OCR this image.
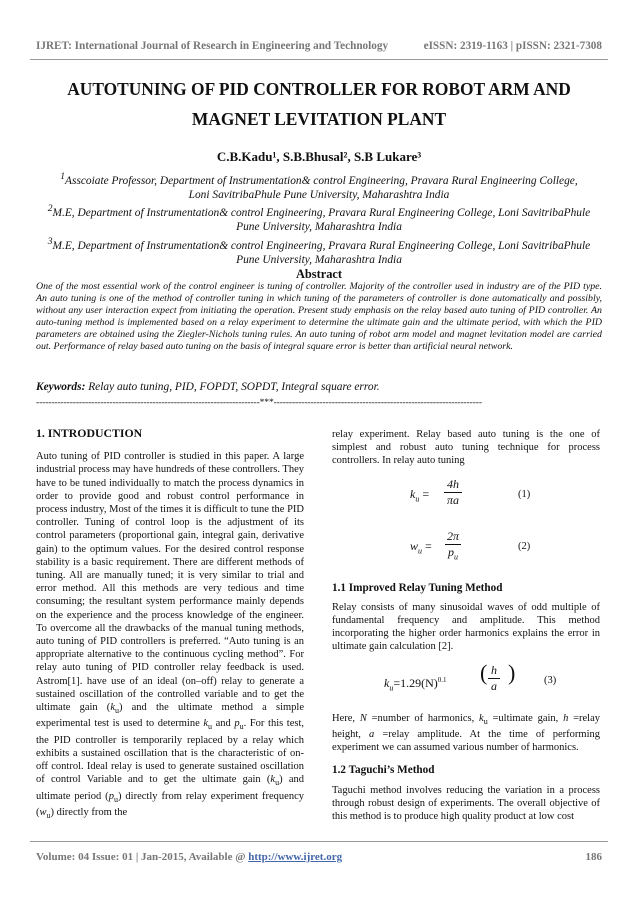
IJRET: International Journal of Research in Engineering and Technology	eISSN: 2319-1163 | pISSN: 2321-7308
AUTOTUNING OF PID CONTROLLER FOR ROBOT ARM AND
MAGNET LEVITATION PLANT
C.B.Kadu¹, S.B.Bhusal², S.B Lukare³
$^1$Asscoiate Professor, Department of Instrumentation& control Engineering, Pravara Rural Engineering College,
Loni SavitribaPhule Pune University, Maharashtra India
$^2$M.E, Department of Instrumentation& control Engineering, Pravara Rural Engineering College, Loni SavitribaPhule
Pune University, Maharashtra India
$^3$M.E, Department of Instrumentation& control Engineering, Pravara Rural Engineering College, Loni SavitribaPhule
Pune University, Maharashtra India
Abstract
One of the most essential work of the control engineer is tuning of controller. Majority of the controller used in industry are of the PID type. An auto tuning is one of the method of controller tuning in which tuning of the parameters of controller is done automatically and possibly, without any user interaction expect from initiating the operation. Present study emphasis on the relay based auto tuning of PID controller. An auto-tuning method is implemented based on a relay experiment to determine the ultimate gain and the ultimate period, with which the PID parameters are obtained using the Ziegler-Nichols tuning rules. An auto tuning of robot arm model and magnet levitation model are carried out. Performance of relay based auto tuning on the basis of integral square error is better than artificial neural network.
Keywords: Relay auto tuning, PID, FOPDT, SOPDT, Integral square error.
-------------------------------------------------------------------------***--------------------------------------------------------------------
1. INTRODUCTION

Auto tuning of PID controller is studied in this paper. A large industrial process may have hundreds of these controllers. They have to be tuned individually to match the process dynamics in order to provide good and robust control performance in process industry, Most of the times it is difficult to tune the PID controller. Tuning of control loop is the adjustment of its control parameters (proportional gain, integral gain, derivative gain) to the optimum values. For the desired control response stability is a basic requirement. There are different methods of tuning. All are manually tuned; it is very similar to trial and error method. All this methods are very tedious and time consuming; the resultant system performance mainly depends on the experience and the process knowledge of the engineer. To overcome all the drawbacks of the manual tuning methods, auto tuning of PID controllers is preferred. “Auto tuning is an appropriate alternative to the continuous cycling method”. For relay auto tuning of PID controller relay feedback is used. Astrom[1]. have use of an ideal (on–off) relay to generate a sustained oscillation of the controlled variable and to get the ultimate gain $(k_u)$ and the ultimate method a simple experimental test is used to determine $k_u$ and $p_u$. For this test, the PID controller is temporarily replaced by a relay which exhibits a sustained oscillation that is the characteristic of on-off control. Ideal relay is used to generate sustained oscillation of control Variable and to get the ultimate gain $(k_u)$ and ultimate period $(p_u)$ directly from relay experiment frequency $(w_u)$ directly from the

relay experiment. Relay based auto tuning is the one of simplest and robust auto tuning technique for process controllers. In relay auto tuning

$k_u = \frac{4h}{\pi a}$	(1)
$w_u = \frac{2\pi}{p_u}$	(2)
1.1 Improved Relay Tuning Method

Relay consists of many sinusoidal waves of odd multiple of fundamental frequency and amplitude. This method incorporating the higher order harmonics explains the error in ultimate gain calculation [2].

$k_u=1.29(N)^{0.1}$ ( $\frac{h}{a}$ )	(3)

Here, N =number of harmonics, $k_u$ =ultimate gain, h =relay height, a =relay amplitude. At the time of performing experiment we can assumed various number of harmonics.

1.2 Taguchi’s Method

Taguchi method involves reducing the variation in a process through robust design of experiments. The overall objective of this method is to produce high quality product at low cost

Volume: 04 Issue: 01 | Jan-2015, Available @ http://www.ijret.org	186
